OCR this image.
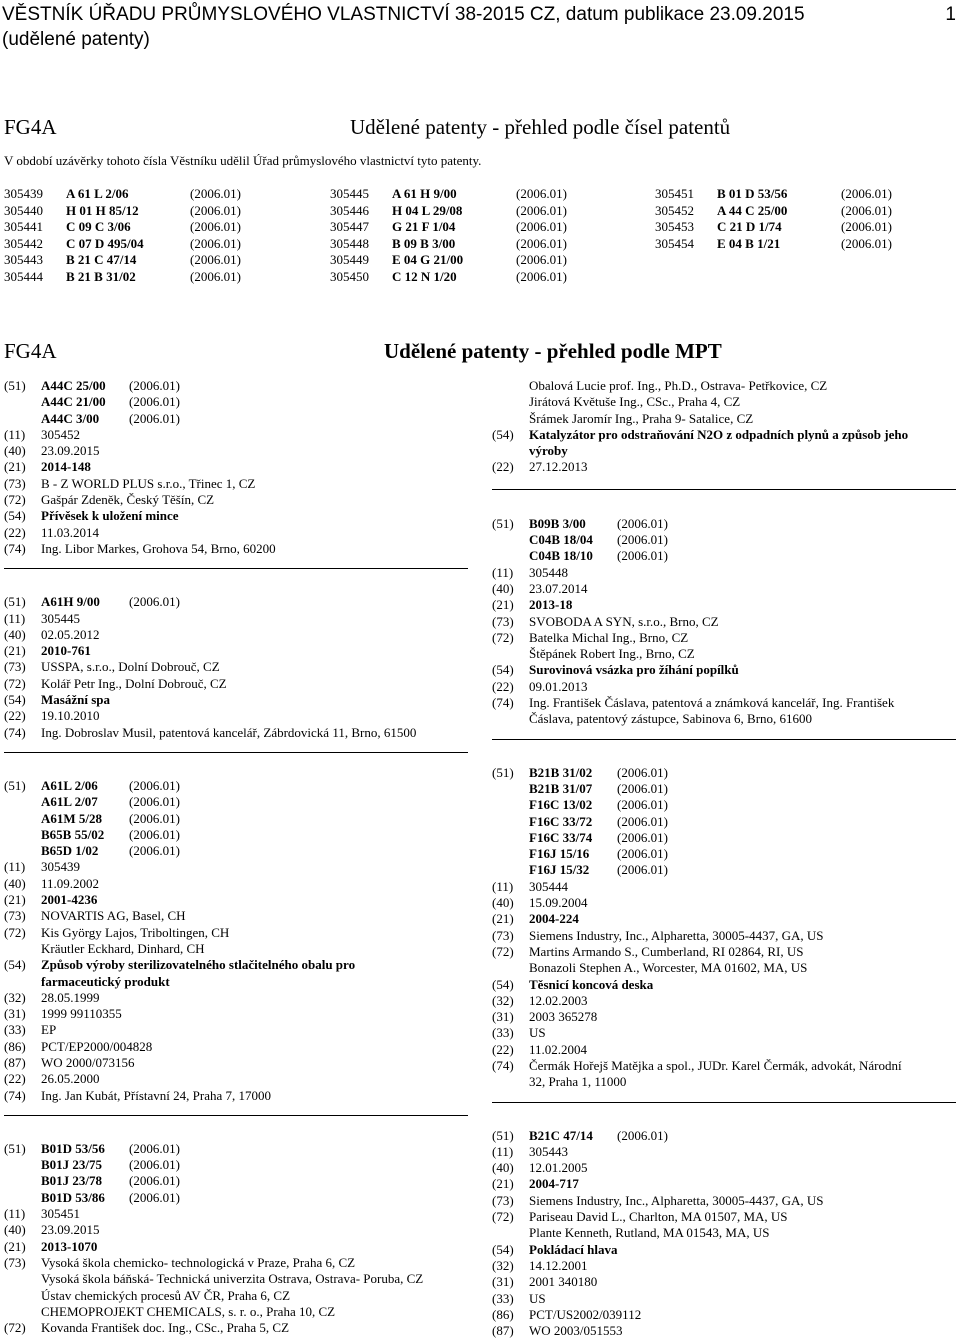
VĚSTNÍK ÚŘADU PRŮMYSLOVÉHO VLASTNICTVÍ 38-2015 CZ, datum publikace 23.09.2015
(udělené patenty)
1
FG4A	Udělené patenty - přehled podle čísel patentů
V období uzávěrky tohoto čísla Věstníku udělil Úřad průmyslového vlastnictví tyto patenty.
305439 A 61 L 2/06	(2006.01)
305440 H 01 H 85/12	(2006.01)
305441 C 09 C 3/06	(2006.01)
305442 C 07 D 495/04	(2006.01)
305443 B 21 C 47/14	(2006.01)
305444 B 21 B 31/02	(2006.01)
305445 A 61 H 9/00	(2006.01)
305446 H 04 L 29/08	(2006.01)
305447 G 21 F 1/04	(2006.01)
305448 B 09 B 3/00	(2006.01)
305449 E 04 G 21/00	(2006.01)
305450 C 12 N 1/20	(2006.01)
305451 B 01 D 53/56	(2006.01)
305452 A 44 C 25/00	(2006.01)
305453 C 21 D 1/74	(2006.01)
305454 E 04 B 1/21	(2006.01)
FG4A	Udělené patenty - přehled podle MPT
(51) A44C 25/00 (2006.01)
A44C 21/00 (2006.01)
A44C 3/00 (2006.01)
(11) 305452
(40) 23.09.2015
(21) 2014-148
(73) B - Z WORLD PLUS s.r.o., Třinec 1, CZ
(72) Gašpár Zdeněk, Český Těšín, CZ
(54) Přívěsek k uložení mince
(22) 11.03.2014
(74) Ing. Libor Markes, Grohova 54, Brno, 60200
(51) A61H 9/00 (2006.01)
(11) 305445
(40) 02.05.2012
(21) 2010-761
(73) USSPA, s.r.o., Dolní Dobrouč, CZ
(72) Kolář Petr Ing., Dolní Dobrouč, CZ
(54) Masážní spa
(22) 19.10.2010
(74) Ing. Dobroslav Musil, patentová kancelář, Zábrdovická 11, Brno, 61500
(51) A61L 2/06 (2006.01)
A61L 2/07 (2006.01)
A61M 5/28 (2006.01)
B65B 55/02 (2006.01)
B65D 1/02 (2006.01)
(11) 305439
(40) 11.09.2002
(21) 2001-4236
(73) NOVARTIS AG, Basel, CH
(72) Kis György Lajos, Triboltingen, CH
Kräutler Eckhard, Dinhard, CH
(54) Způsob výroby sterilizovatelného stlačitelného obalu pro
farmaceutický produkt
(32) 28.05.1999
(31) 1999 99110355
(33) EP
(86) PCT/EP2000/004828
(87) WO 2000/073156
(22) 26.05.2000
(74) Ing. Jan Kubát, Přístavní 24, Praha 7, 17000
(51) B01D 53/56 (2006.01)
B01J 23/75 (2006.01)
B01J 23/78 (2006.01)
B01D 53/86 (2006.01)
(11) 305451
(40) 23.09.2015
(21) 2013-1070
(73) Vysoká škola chemicko- technologická v Praze, Praha 6, CZ
Vysoká škola báňská- Technická univerzita Ostrava, Ostrava- Poruba, CZ
Ústav chemických procesů AV ČR, Praha 6, CZ
CHEMOPROJEKT CHEMICALS, s. r. o., Praha 10, CZ
(72) Kovanda František doc. Ing., CSc., Praha 5, CZ
Obalová Lucie prof. Ing., Ph.D., Ostrava- Petřkovice, CZ
Jirátová Květuše Ing., CSc., Praha 4, CZ
Šrámek Jaromír Ing., Praha 9- Satalice, CZ
(54) Katalyzátor pro odstraňování N2O z odpadních plynů a způsob jeho
výroby
(22) 27.12.2013
(51) B09B 3/00 (2006.01)
C04B 18/04 (2006.01)
C04B 18/10 (2006.01)
(11) 305448
(40) 23.07.2014
(21) 2013-18
(73) SVOBODA A SYN, s.r.o., Brno, CZ
(72) Batelka Michal Ing., Brno, CZ
Štěpánek Robert Ing., Brno, CZ
(54) Surovinová vsázka pro žíhání popílků
(22) 09.01.2013
(74) Ing. František Čáslava, patentová a známková kancelář, Ing. František
Čáslava, patentový zástupce, Sabinova 6, Brno, 61600
(51) B21B 31/02 (2006.01)
B21B 31/07 (2006.01)
F16C 13/02 (2006.01)
F16C 33/72 (2006.01)
F16C 33/74 (2006.01)
F16J 15/16 (2006.01)
F16J 15/32 (2006.01)
(11) 305444
(40) 15.09.2004
(21) 2004-224
(73) Siemens Industry, Inc., Alpharetta, 30005-4437, GA, US
(72) Martins Armando S., Cumberland, RI 02864, RI, US
Bonazoli Stephen A., Worcester, MA 01602, MA, US
(54) Těsnicí koncová deska
(32) 12.02.2003
(31) 2003 365278
(33) US
(22) 11.02.2004
(74) Čermák Hořejš Matějka a spol., JUDr. Karel Čermák, advokát, Národní
32, Praha 1, 11000
(51) B21C 47/14 (2006.01)
(11) 305443
(40) 12.01.2005
(21) 2004-717
(73) Siemens Industry, Inc., Alpharetta, 30005-4437, GA, US
(72) Pariseau David L., Charlton, MA 01507, MA, US
Plante Kenneth, Rutland, MA 01543, MA, US
(54) Pokládací hlava
(32) 14.12.2001
(31) 2001 340180
(33) US
(86) PCT/US2002/039112
(87) WO 2003/051553
